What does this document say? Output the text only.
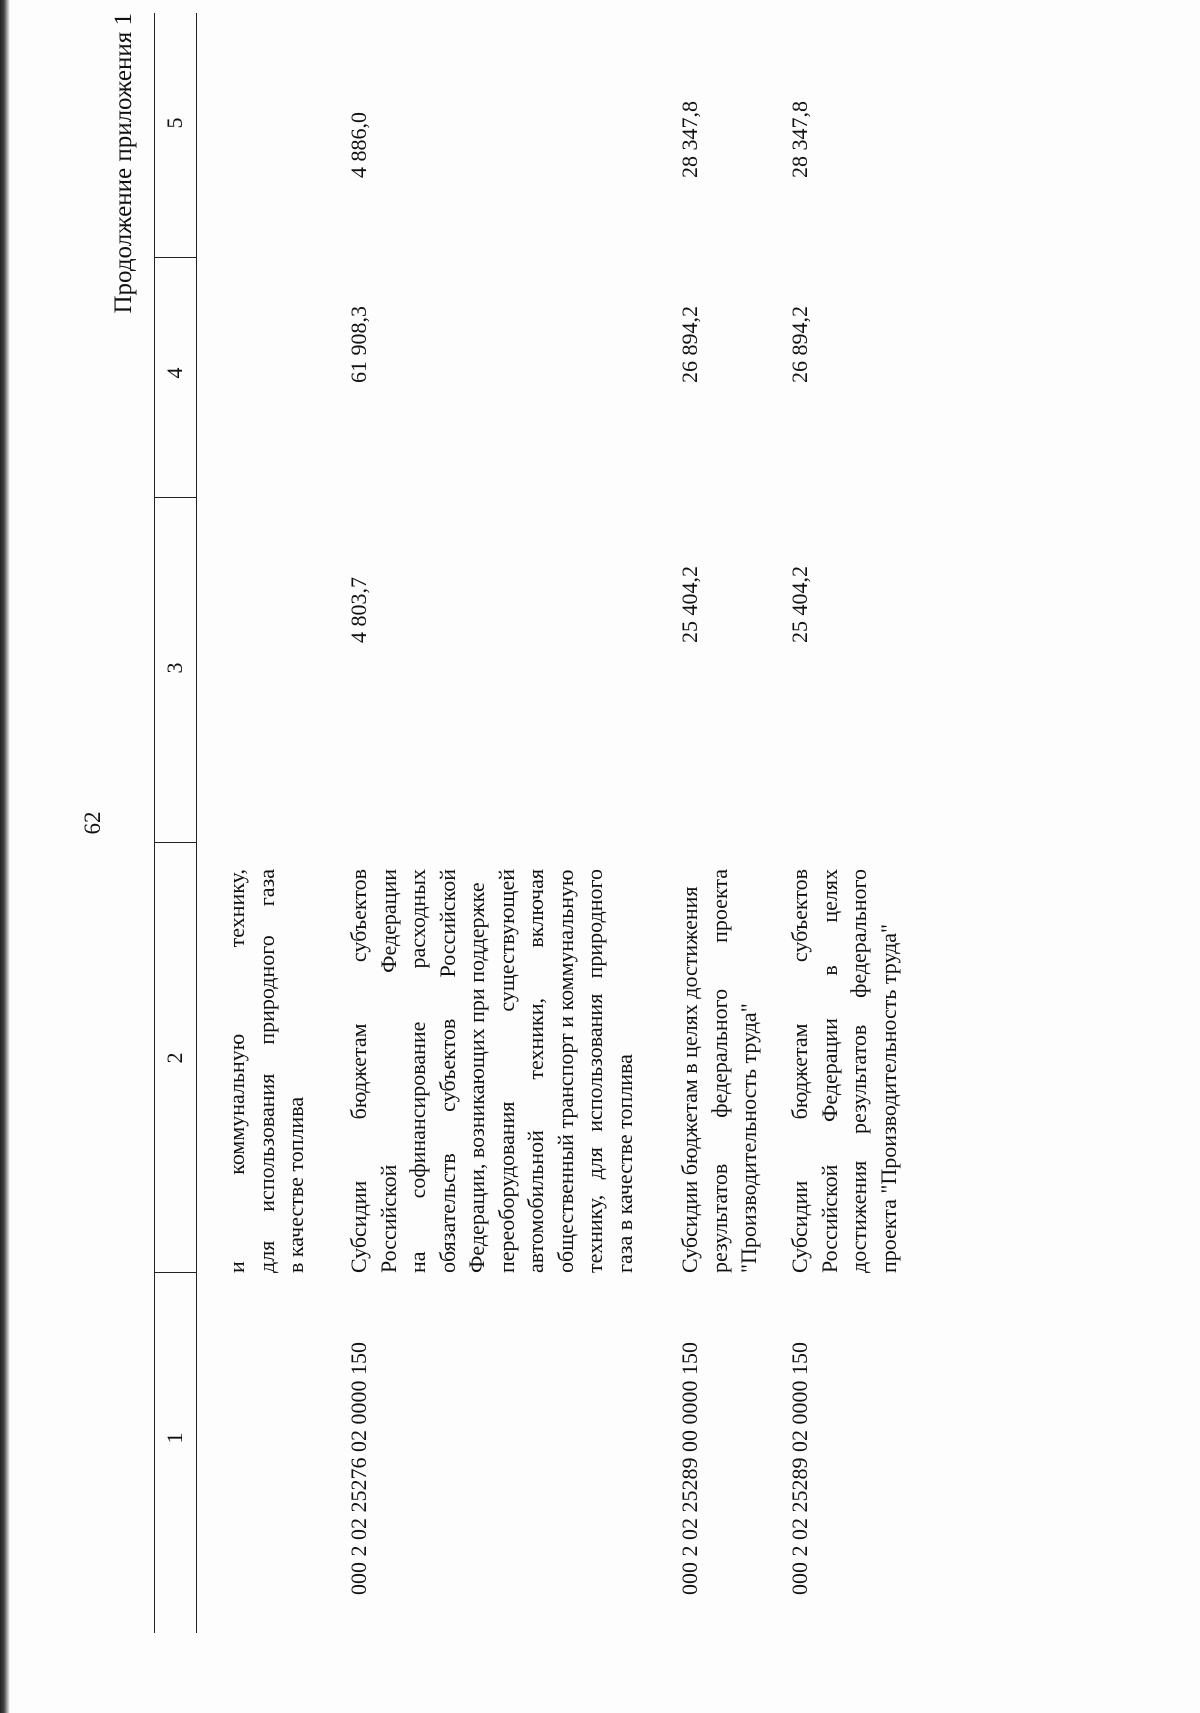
62
Продолжение приложения 1
1
2
3
4
5
и
коммунальную
технику,
для
использования
природного
газа
в качестве топлива
000 2 02 25276 02 0000 150
Субсидии
бюджетам
субъектов
Российской
Федерации
на
софинансирование
расходных
обязательств
субъектов
Российской Федерации, возникающих при поддержке переоборудования
существующей
автомобильной
техники,
включая общественный транспорт и коммунальную технику,
для
использования
природного
газа в качестве топлива
4 803,7
61 908,3
4 886,0
000 2 02 25289 00 0000 150
Субсидии бюджетам в целях достижения результатов
федерального
проекта
"Производительность труда"
25 404,2
26 894,2
28 347,8
000 2 02 25289 02 0000 150
Субсидии
бюджетам
субъектов
Российской
Федерации
в
целях
достижения
результатов
федерального проекта "Производительность труда"
25 404,2
26 894,2
28 347,8
